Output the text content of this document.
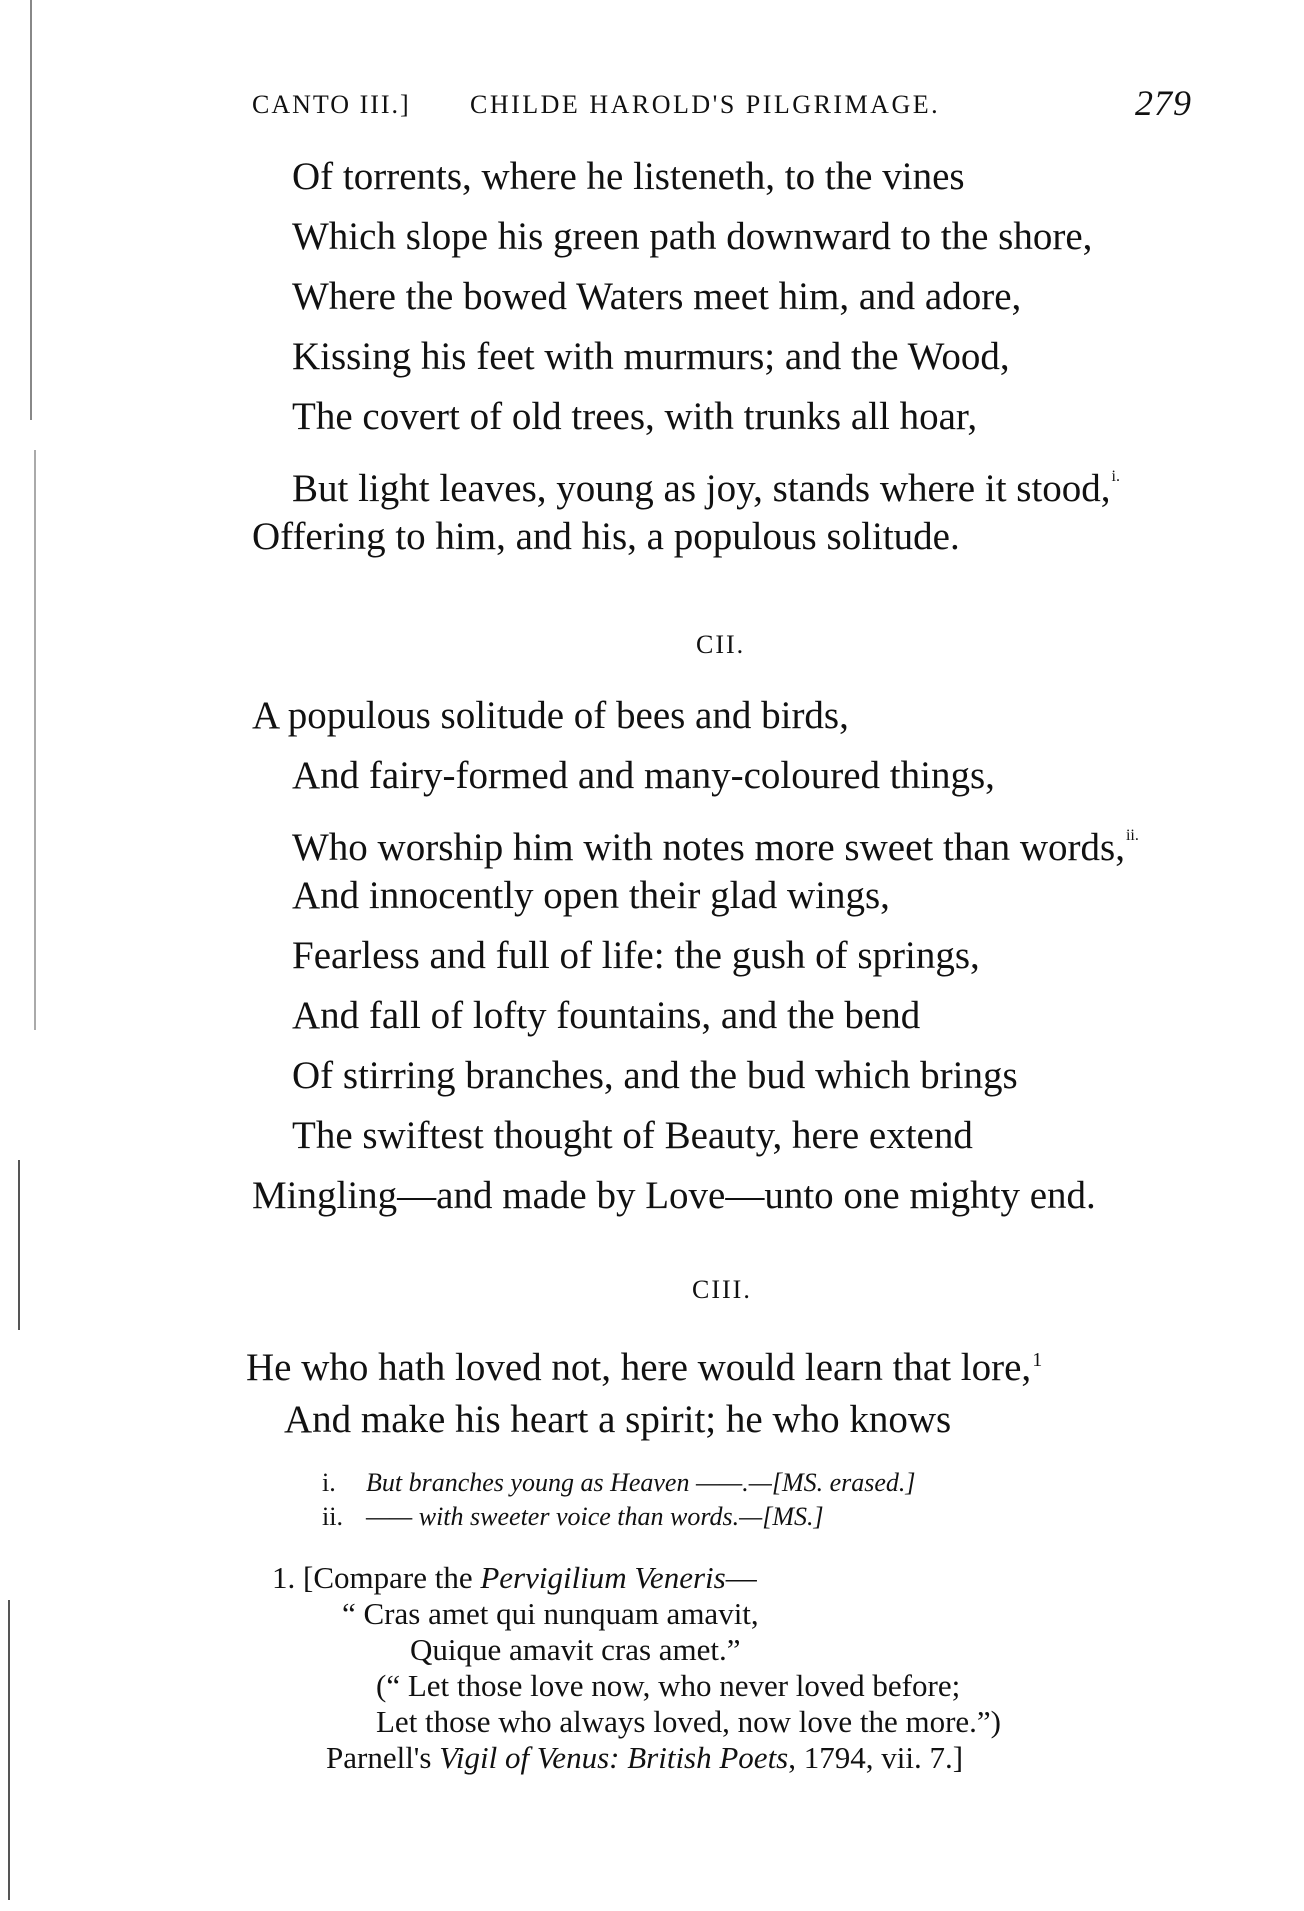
CANTO III.] CHILDE HAROLD'S PILGRIMAGE.	279
Of torrents, where he listeneth, to the vines
Which slope his green path downward to the shore,
Where the bowed Waters meet him, and adore,
Kissing his feet with murmurs; and the Wood,
The covert of old trees, with trunks all hoar,
But light leaves, young as joy, stands where it stood,$^{i.}$
Offering to him, and his, a populous solitude.
CII.
A populous solitude of bees and birds,
And fairy-formed and many-coloured things,
Who worship him with notes more sweet than words,$^{ii.}$
And innocently open their glad wings,
Fearless and full of life: the gush of springs,
And fall of lofty fountains, and the bend
Of stirring branches, and the bud which brings
The swiftest thought of Beauty, here extend
Mingling—and made by Love—unto one mighty end.
CIII.
He who hath loved not, here would learn that lore,$^1$
And make his heart a spirit; he who knows
i. But branches young as Heaven ——.—[MS. erased.]
ii. —— with sweeter voice than words.—[MS.]
1. [Compare the Pervigilium Veneris—
“ Cras amet qui nunquam amavit,
Quique amavit cras amet.”
(“ Let those love now, who never loved before;
Let those who always loved, now love the more.”)
Parnell's Vigil of Venus: British Poets, 1794, vii. 7.]
